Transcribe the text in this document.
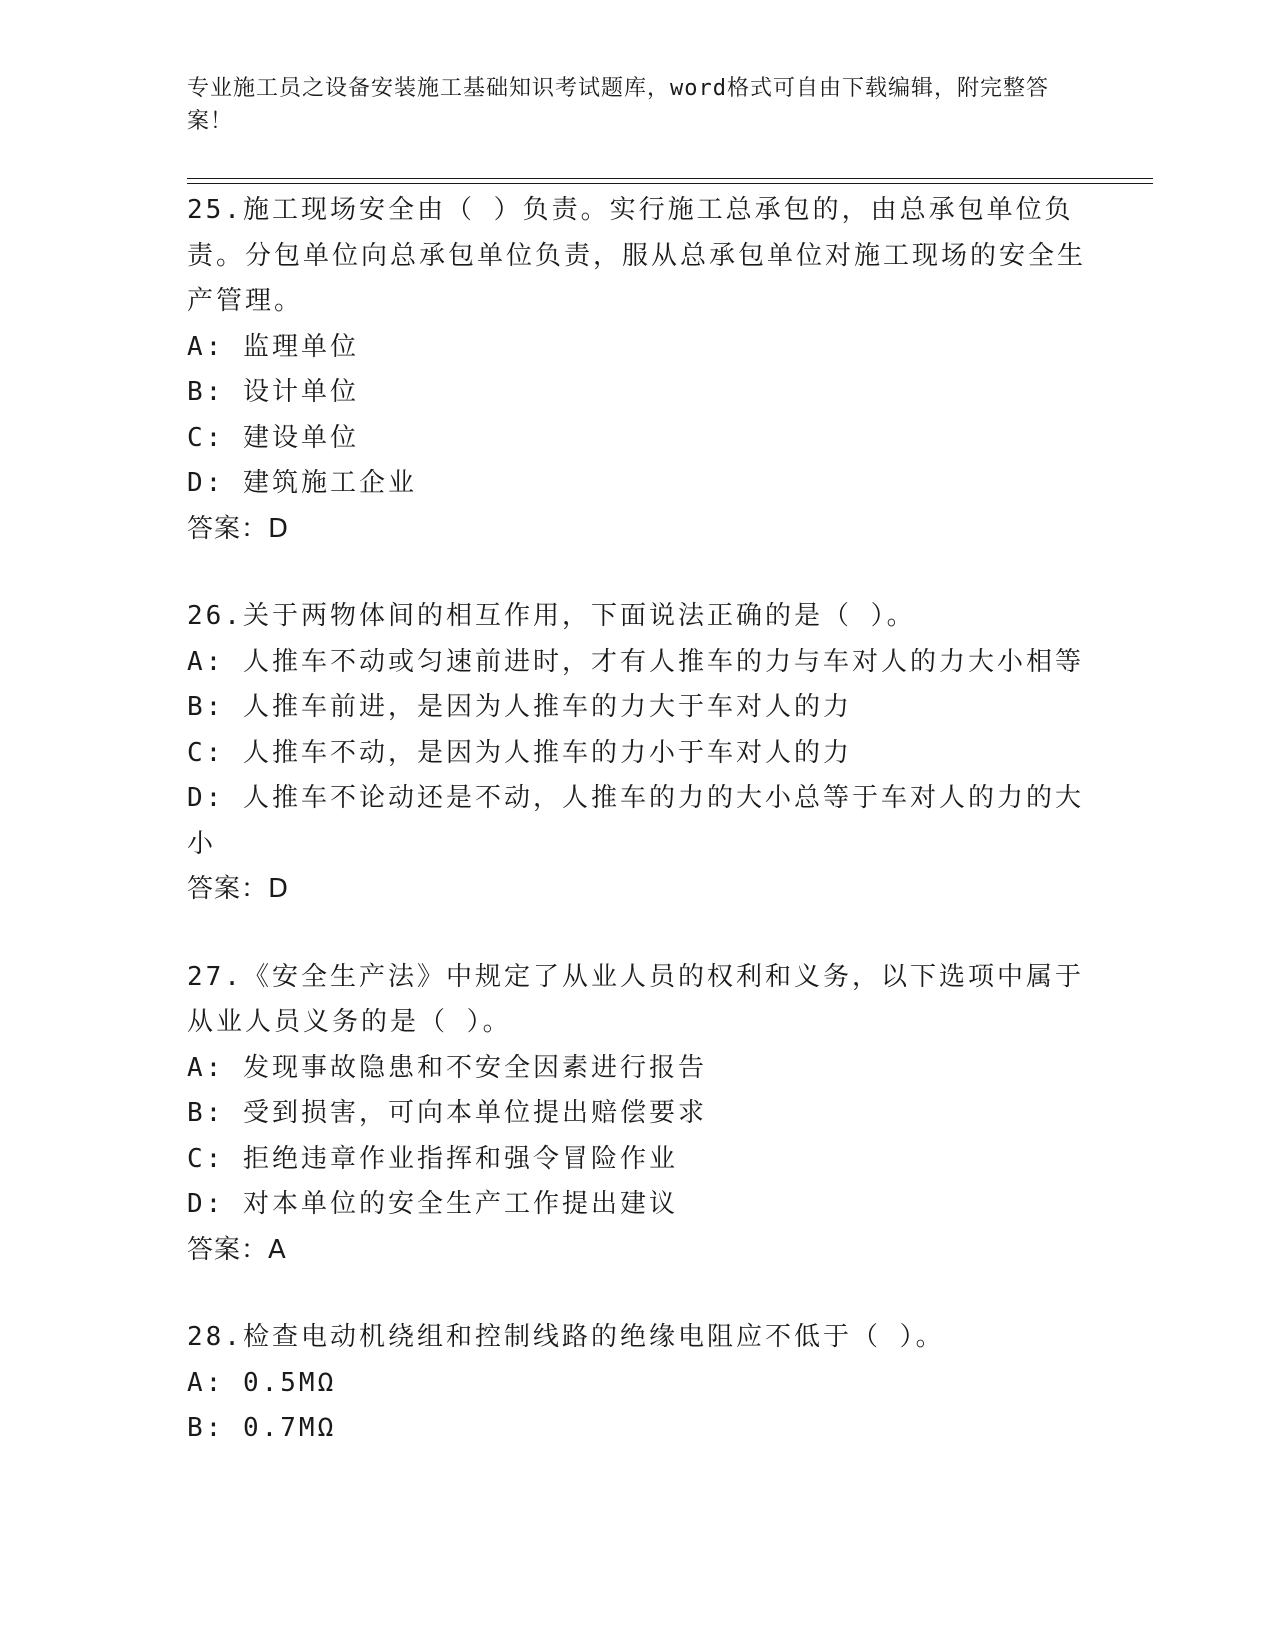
专业施工员之设备安装施工基础知识考试题库，word格式可自由下载编辑，附完整答案！
25.施工现场安全由（ ）负责。实行施工总承包的，由总承包单位负责。分包单位向总承包单位负责，服从总承包单位对施工现场的安全生产管理。
A: 监理单位
B: 设计单位
C: 建设单位
D: 建筑施工企业
答案：D
26.关于两物体间的相互作用，下面说法正确的是（ ）。
A: 人推车不动或匀速前进时，才有人推车的力与车对人的力大小相等
B: 人推车前进，是因为人推车的力大于车对人的力
C: 人推车不动，是因为人推车的力小于车对人的力
D: 人推车不论动还是不动，人推车的力的大小总等于车对人的力的大小
答案：D
27.《安全生产法》中规定了从业人员的权利和义务，以下选项中属于从业人员义务的是（ ）。
A: 发现事故隐患和不安全因素进行报告
B: 受到损害，可向本单位提出赔偿要求
C: 拒绝违章作业指挥和强令冒险作业
D: 对本单位的安全生产工作提出建议
答案：A
28.检查电动机绕组和控制线路的绝缘电阻应不低于（ ）。
A: 0.5MΩ
B: 0.7MΩ
